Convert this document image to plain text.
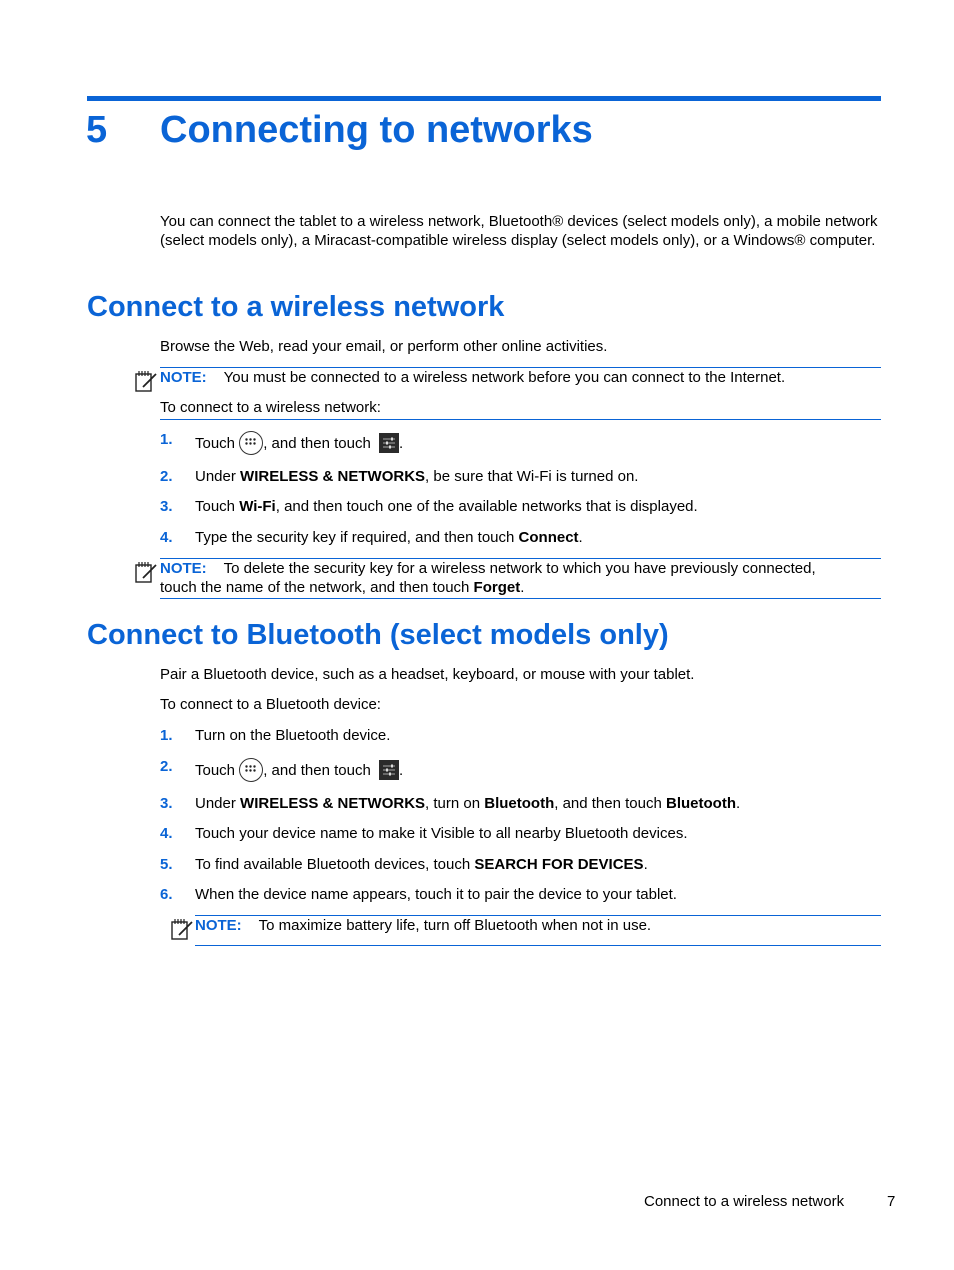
5 Connecting to networks
You can connect the tablet to a wireless network, Bluetooth® devices (select models only), a mobile network (select models only), a Miracast-compatible wireless display (select models only), or a Windows® computer.
Connect to a wireless network
Browse the Web, read your email, or perform other online activities.
NOTE: You must be connected to a wireless network before you can connect to the Internet.
To connect to a wireless network:
1. Touch , and then touch .
2. Under WIRELESS & NETWORKS, be sure that Wi-Fi is turned on.
3. Touch Wi-Fi, and then touch one of the available networks that is displayed.
4. Type the security key if required, and then touch Connect.
NOTE: To delete the security key for a wireless network to which you have previously connected,
touch the name of the network, and then touch Forget.
Connect to Bluetooth (select models only)
Pair a Bluetooth device, such as a headset, keyboard, or mouse with your tablet.
To connect to a Bluetooth device:
1. Turn on the Bluetooth device.
2. Touch , and then touch .
3. Under WIRELESS & NETWORKS, turn on Bluetooth, and then touch Bluetooth.
4. Touch your device name to make it Visible to all nearby Bluetooth devices.
5. To find available Bluetooth devices, touch SEARCH FOR DEVICES.
6. When the device name appears, touch it to pair the device to your tablet.
NOTE: To maximize battery life, turn off Bluetooth when not in use.
Connect to a wireless network	7
